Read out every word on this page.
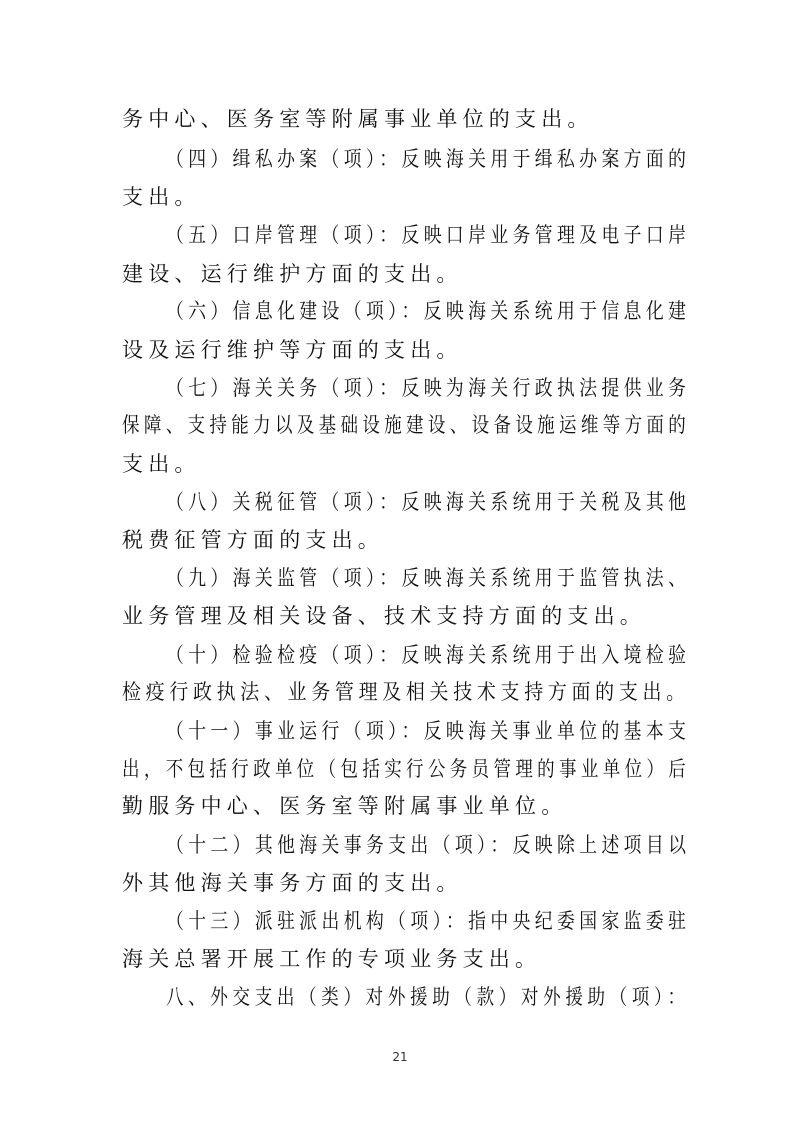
务中心、医务室等附属事业单位的支出。
（四）缉私办案（项）：反映海关用于缉私办案方面的
支出。
（五）口岸管理（项）：反映口岸业务管理及电子口岸
建设、运行维护方面的支出。
（六）信息化建设（项）：反映海关系统用于信息化建
设及运行维护等方面的支出。
（七）海关关务（项）：反映为海关行政执法提供业务
保障、支持能力以及基础设施建设、设备设施运维等方面的
支出。
（八）关税征管（项）：反映海关系统用于关税及其他
税费征管方面的支出。
（九）海关监管（项）：反映海关系统用于监管执法、
业务管理及相关设备、技术支持方面的支出。
（十）检验检疫（项）：反映海关系统用于出入境检验
检疫行政执法、业务管理及相关技术支持方面的支出。
（十一）事业运行（项）：反映海关事业单位的基本支
出，不包括行政单位（包括实行公务员管理的事业单位）后
勤服务中心、医务室等附属事业单位。
（十二）其他海关事务支出（项）：反映除上述项目以
外其他海关事务方面的支出。
（十三）派驻派出机构（项）：指中央纪委国家监委驻
海关总署开展工作的专项业务支出。
八、外交支出（类）对外援助（款）对外援助（项）：
21
